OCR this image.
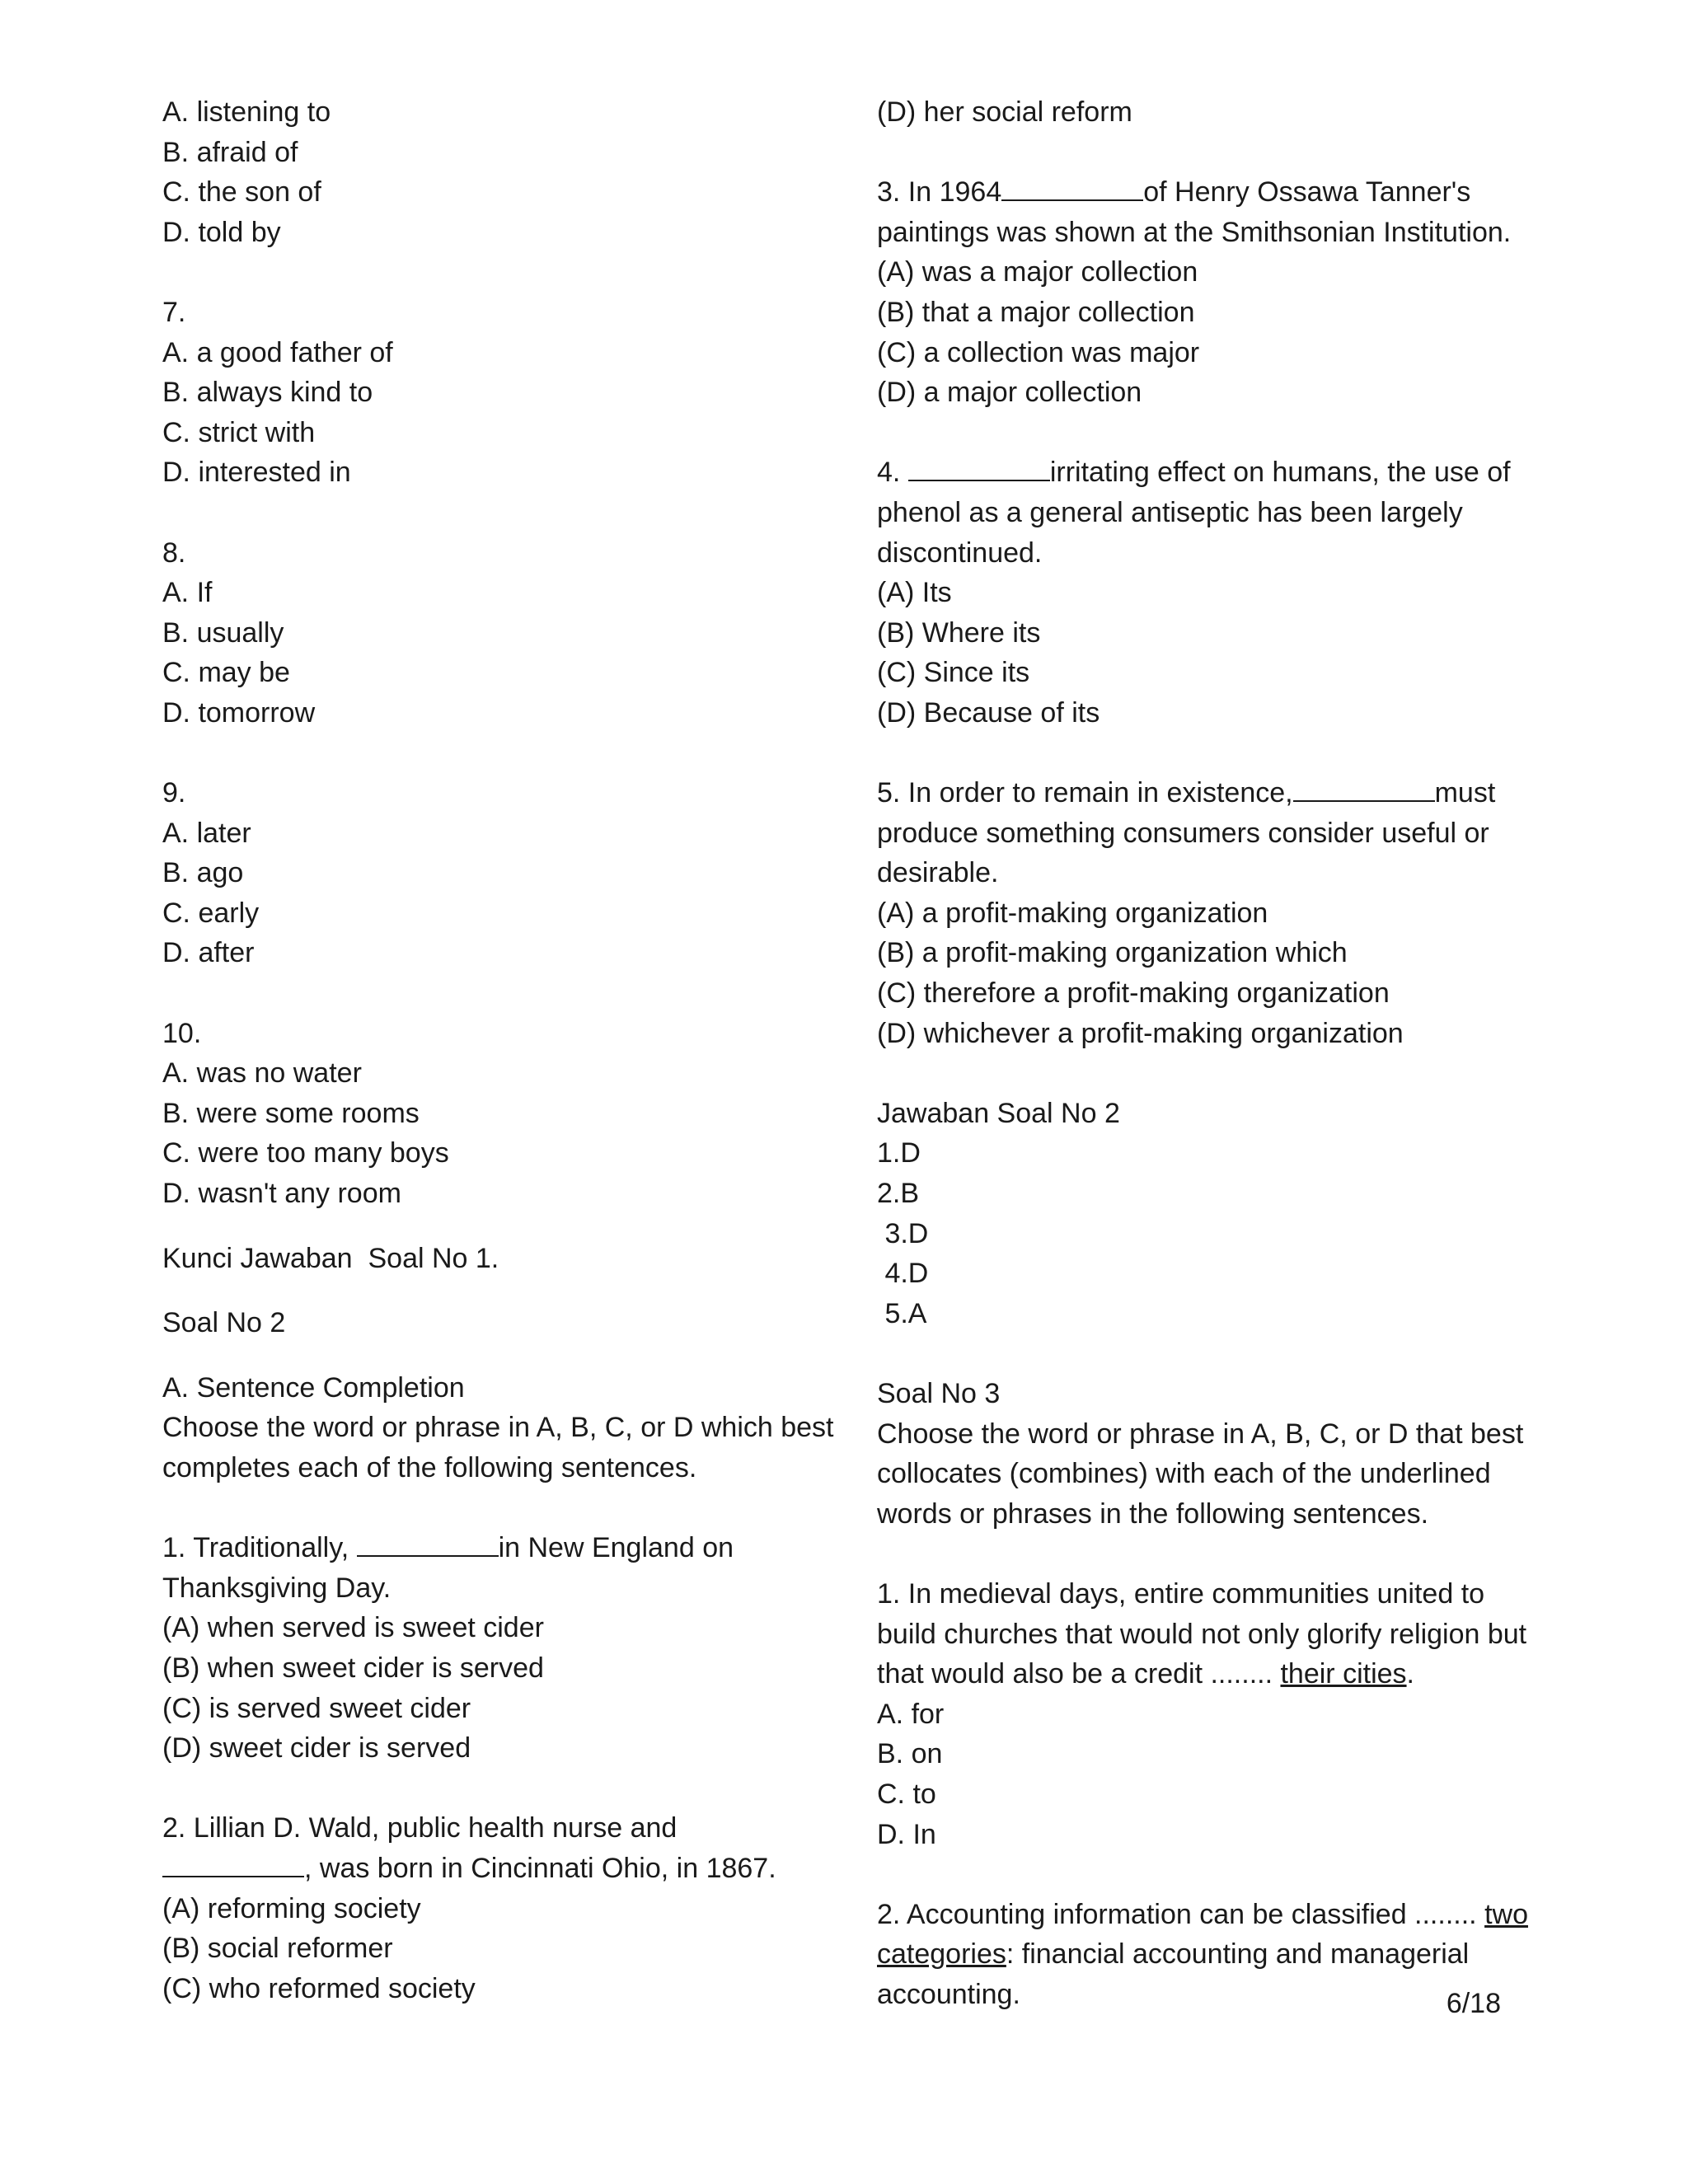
A. listening to
B. afraid of
C. the son of
D. told by
7.
A. a good father of
B. always kind to
C. strict with
D. interested in
8.
A. If
B. usually
C. may be
D. tomorrow
9.
A. later
B. ago
C. early
D. after
10.
A. was no water
B. were some rooms
C. were too many boys
D. wasn't any room
Kunci Jawaban  Soal No 1.
Soal No 2
A. Sentence Completion
Choose the word or phrase in A, B, C, or D which best
completes each of the following sentences.
1. Traditionally,	in New England on
Thanksgiving Day.
(A) when served is sweet cider
(B) when sweet cider is served
(C) is served sweet cider
(D) sweet cider is served
2. Lillian D. Wald, public health nurse and
, was born in Cincinnati Ohio, in 1867.
(A) reforming society
(B) social reformer
(C) who reformed society
(D) her social reform
3. In 1964	of Henry Ossawa Tanner's
paintings was shown at the Smithsonian Institution.
(A) was a major collection
(B) that a major collection
(C) a collection was major
(D) a major collection
4.	irritating effect on humans, the use of
phenol as a general antiseptic has been largely
discontinued.
(A) Its
(B) Where its
(C) Since its
(D) Because of its
5. In order to remain in existence,	must
produce something consumers consider useful or
desirable.
(A) a profit-making organization
(B) a profit-making organization which
(C) therefore a profit-making organization
(D) whichever a profit-making organization
Jawaban Soal No 2
1.D
2.B
3.D
4.D
5.A
Soal No 3
Choose the word or phrase in A, B, C, or D that best
collocates (combines) with each of the underlined
words or phrases in the following sentences.
1. In medieval days, entire communities united to
build churches that would not only glorify religion but
that would also be a credit ........ their cities.
A. for
B. on
C. to
D. In
2. Accounting information can be classified ........ two
categories: financial accounting and managerial
accounting.	6/18
